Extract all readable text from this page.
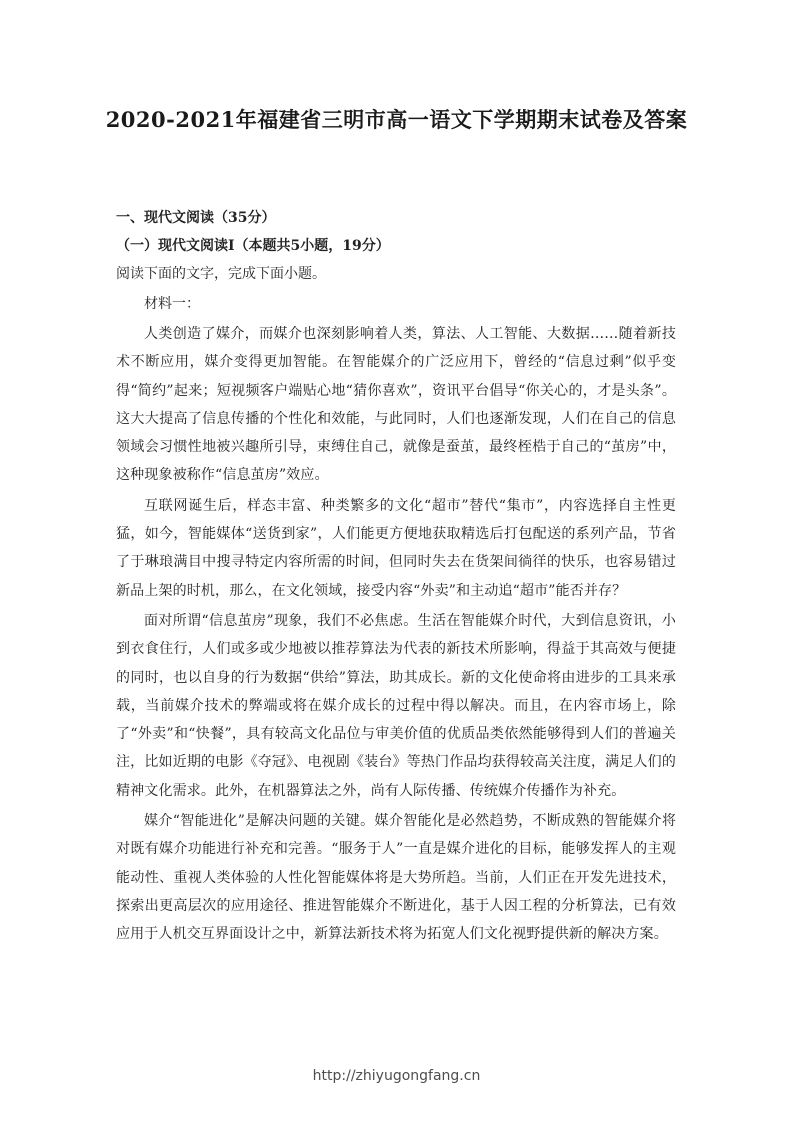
2020-2021年福建省三明市高一语文下学期期末试卷及答案
一、现代文阅读（35分）
（一）现代文阅读Ⅰ（本题共5小题，19分）
阅读下面的文字，完成下面小题。
材料一：

人类创造了媒介，而媒介也深刻影响着人类，算法、人工智能、大数据……随着新技术不断应用，媒介变得更加智能。在智能媒介的广泛应用下，曾经的“信息过剩”似乎变得“简约”起来；短视频客户端贴心地“猜你喜欢”，资讯平台倡导“你关心的，才是头条”。这大大提高了信息传播的个性化和效能，与此同时，人们也逐渐发现，人们在自己的信息领域会习惯性地被兴趣所引导，束缚住自己，就像是蚕茧，最终桎梏于自己的“茧房”中，这种现象被称作“信息茧房”效应。

互联网诞生后，样态丰富、种类繁多的文化“超市”替代“集市”，内容选择自主性更猛，如今，智能媒体“送货到家”，人们能更方便地获取精选后打包配送的系列产品，节省了于琳琅满目中搜寻特定内容所需的时间，但同时失去在货架间徜徉的快乐，也容易错过新品上架的时机，那么，在文化领域，接受内容“外卖”和主动追“超市”能否并存？

面对所谓“信息茧房”现象，我们不必焦虑。生活在智能媒介时代，大到信息资讯，小到衣食住行，人们或多或少地被以推荐算法为代表的新技术所影响，得益于其高效与便捷的同时，也以自身的行为数据“供给”算法，助其成长。新的文化使命将由进步的工具来承载，当前媒介技术的弊端或将在媒介成长的过程中得以解决。而且，在内容市场上，除了“外卖”和“快餐”，具有较高文化品位与审美价值的优质品类依然能够得到人们的普遍关注，比如近期的电影《夺冠》、电视剧《装台》等热门作品均获得较高关注度，满足人们的精神文化需求。此外，在机器算法之外，尚有人际传播、传统媒介传播作为补充。

媒介“智能进化”是解决问题的关键。媒介智能化是必然趋势，不断成熟的智能媒介将对既有媒介功能进行补充和完善。“服务于人”一直是媒介进化的目标，能够发挥人的主观能动性、重视人类体验的人性化智能媒体将是大势所趋。当前，人们正在开发先进技术，探索出更高层次的应用途径、推进智能媒介不断进化，基于人因工程的分析算法，已有效应用于人机交互界面设计之中，新算法新技术将为拓宽人们文化视野提供新的解决方案。

http://zhiyugongfang.cn
